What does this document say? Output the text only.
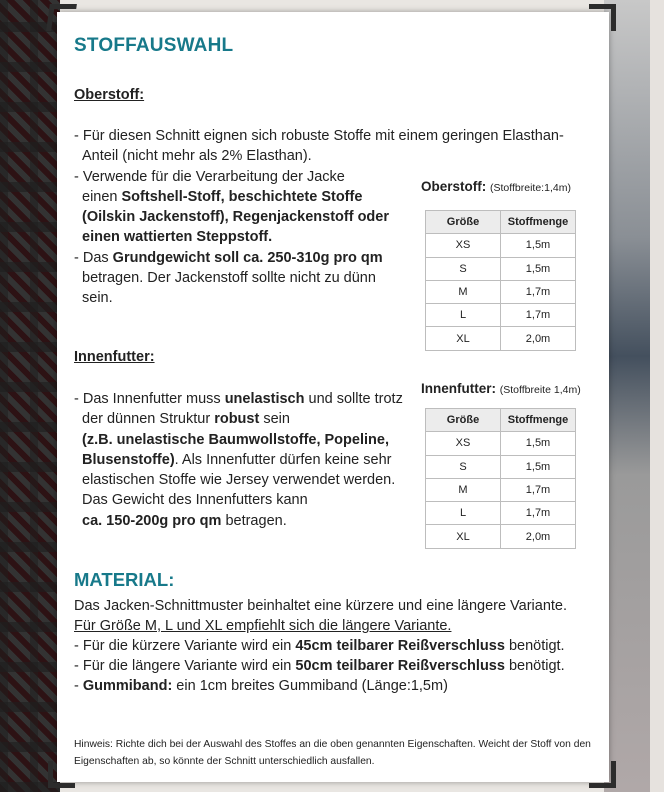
STOFFAUSWAHL
Oberstoff:
- Für diesen Schnitt eignen sich robuste Stoffe mit einem geringen Elasthan-
Anteil (nicht mehr als 2% Elasthan).
- Verwende für die Verarbeitung der Jacke
einen Softshell-Stoff, beschichtete Stoffe
(Oilskin Jackenstoff), Regenjackenstoff oder
einen wattierten Steppstoff.
- Das Grundgewicht soll ca. 250-310g pro qm
betragen. Der Jackenstoff sollte nicht zu dünn
sein.
Oberstoff: (Stoffbreite:1,4m)
Größe	Stoffmenge
XS	1,5m
S	1,5m
M	1,7m
L	1,7m
XL	2,0m
Innenfutter:
- Das Innenfutter muss unelastisch und sollte trotz
der dünnen Struktur robust sein
(z.B. unelastische Baumwollstoffe, Popeline,
Blusenstoffe). Als Innenfutter dürfen keine sehr
elastischen Stoffe wie Jersey verwendet werden.
Das Gewicht des Innenfutters kann
ca. 150-200g pro qm betragen.
Innenfutter: (Stoffbreite 1,4m)
Größe	Stoffmenge
XS	1,5m
S	1,5m
M	1,7m
L	1,7m
XL	2,0m
MATERIAL:
Das Jacken-Schnittmuster beinhaltet eine kürzere und eine längere Variante.
Für Größe M, L und XL empfiehlt sich die längere Variante.
- Für die kürzere Variante wird ein 45cm teilbarer Reißverschluss benötigt.
- Für die längere Variante wird ein 50cm teilbarer Reißverschluss benötigt.
- Gummiband: ein 1cm breites Gummiband (Länge:1,5m)
Hinweis: Richte dich bei der Auswahl des Stoffes an die oben genannten Eigenschaften. Weicht der Stoff von den Eigenschaften ab, so könnte der Schnitt unterschiedlich ausfallen.
